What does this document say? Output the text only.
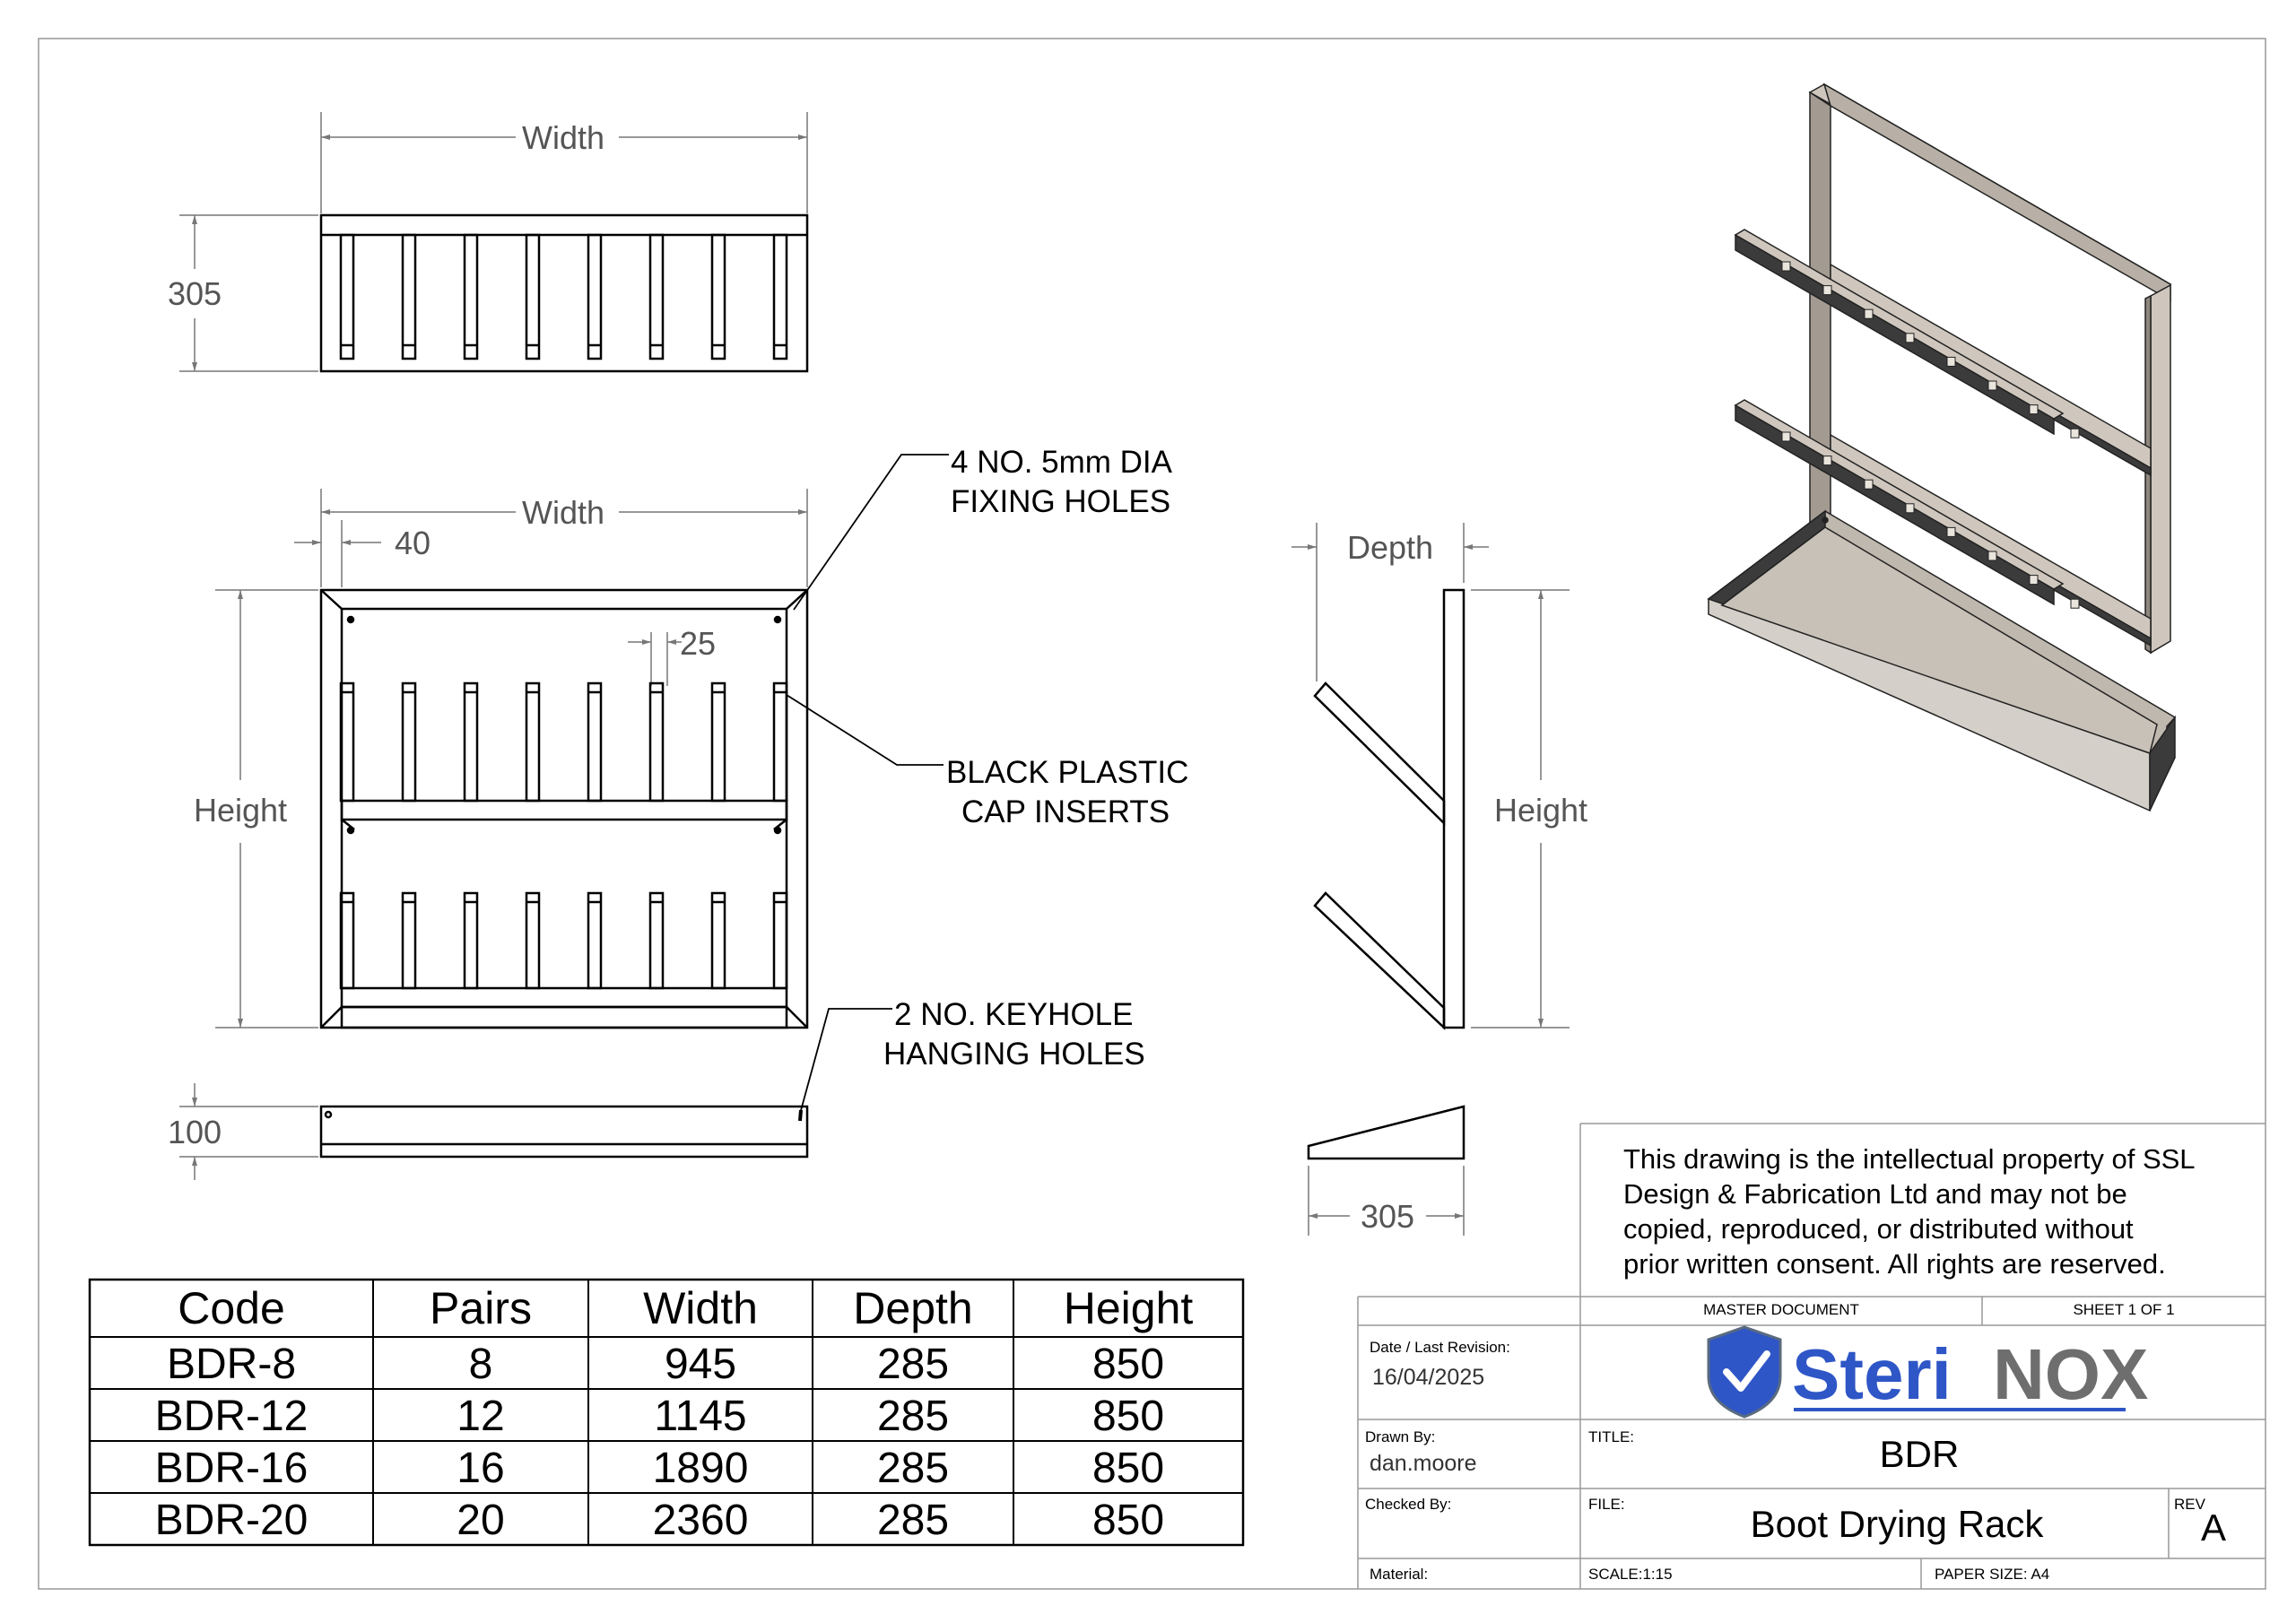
Width
305
Width
40
25
Height
4 NO. 5mm DIA
FIXING HOLES
BLACK PLASTIC
CAP INSERTS
2 NO. KEYHOLE
HANGING HOLES
100
Depth
Height
305
Code	Pairs Width Depth Height
BDR-8	8	945	285	850
BDR-12	12	1145	285	850
BDR-16	16	1890	285	850
BDR-20	20	2360	285	850
This drawing is the intellectual property of SSL
Design & Fabrication Ltd and may not be
copied, reproduced, or distributed without
prior written consent. All rights are reserved.
MASTER DOCUMENT	SHEET 1 OF 1
Date / Last Revision:
16/04/2025
Drawn By:
dan.moore
Checked By:
Material:
TITLE:	BDR
FILE:	Boot Drying Rack	REV
A
SCALE:1:15	PAPER SIZE: A4
Steri NOX
